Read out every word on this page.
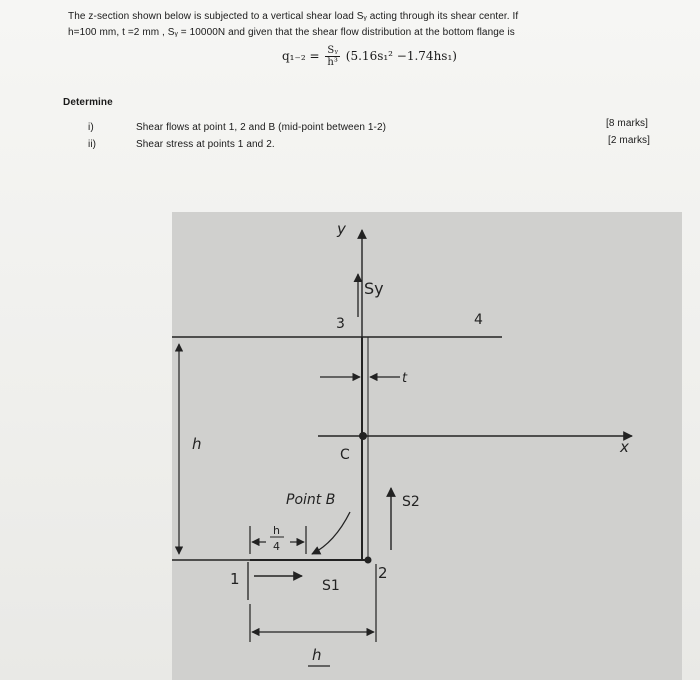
The z-section shown below is subjected to a vertical shear load Sᵧ acting through its shear center. If
h=100 mm, t =2 mm , Sᵧ = 10000N and given that the shear flow distribution at the bottom flange is
$q_{1-2} = \frac{\text{Sᵧ}}{\text{h³}} (5.16s_1^2 -1.74hs_1)$
Determine
i)	Shear flows at point 1, 2 and B (mid-point between 1-2)	[8 marks]
ii)	Shear stress at points 1 and 2.	[2 marks]
y
Sy
3	4
t
x
C
h
Point B	S2
h
4
1	2
S1
h
